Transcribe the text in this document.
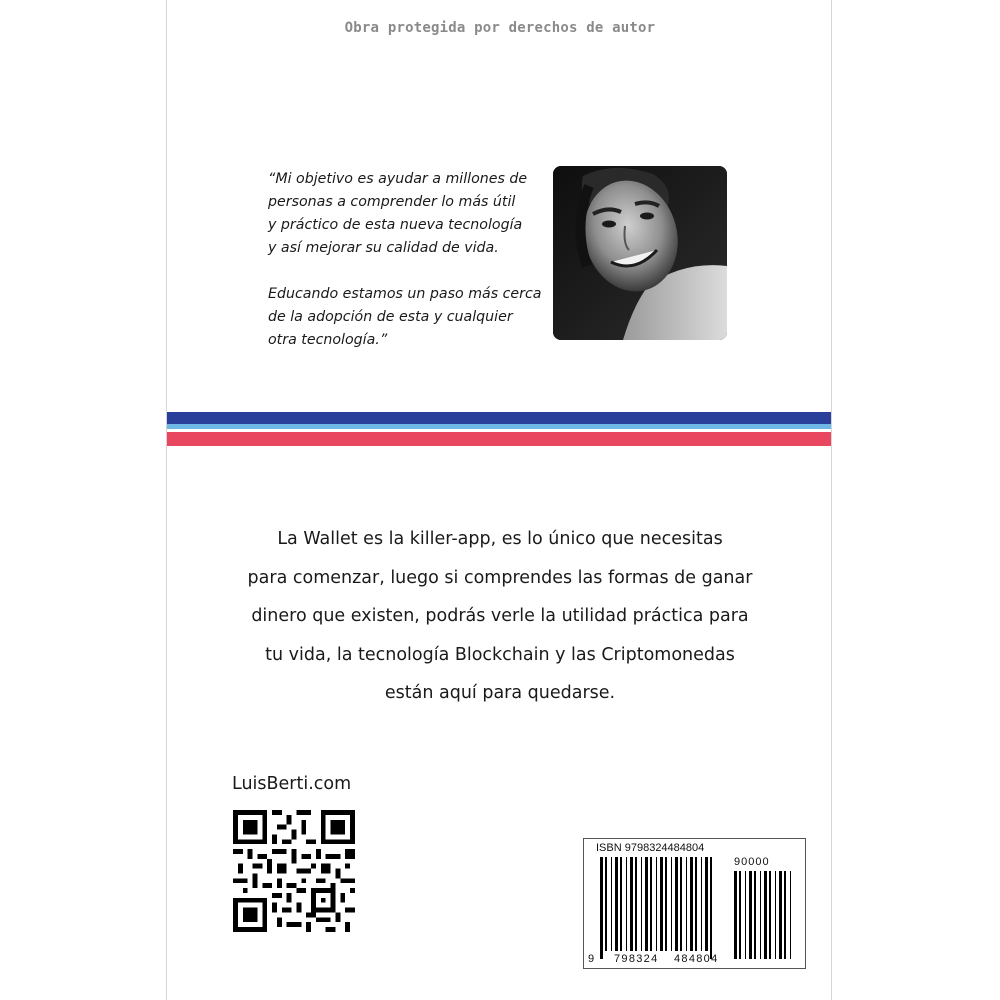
Obra protegida por derechos de autor

“Mi objetivo es ayudar a millones de
personas a comprender lo más útil
y práctico de esta nueva tecnología
y así mejorar su calidad de vida.

Educando estamos un paso más cerca
de la adopción de esta y cualquier
otra tecnología.”

La Wallet es la killer-app, es lo único que necesitas
para comenzar, luego si comprendes las formas de ganar
dinero que existen, podrás verle la utilidad práctica para
tu vida, la tecnología Blockchain y las Criptomonedas
están aquí para quedarse.
LuisBerti.com
ISBN 9798324484804
90000
9 798324 484804
